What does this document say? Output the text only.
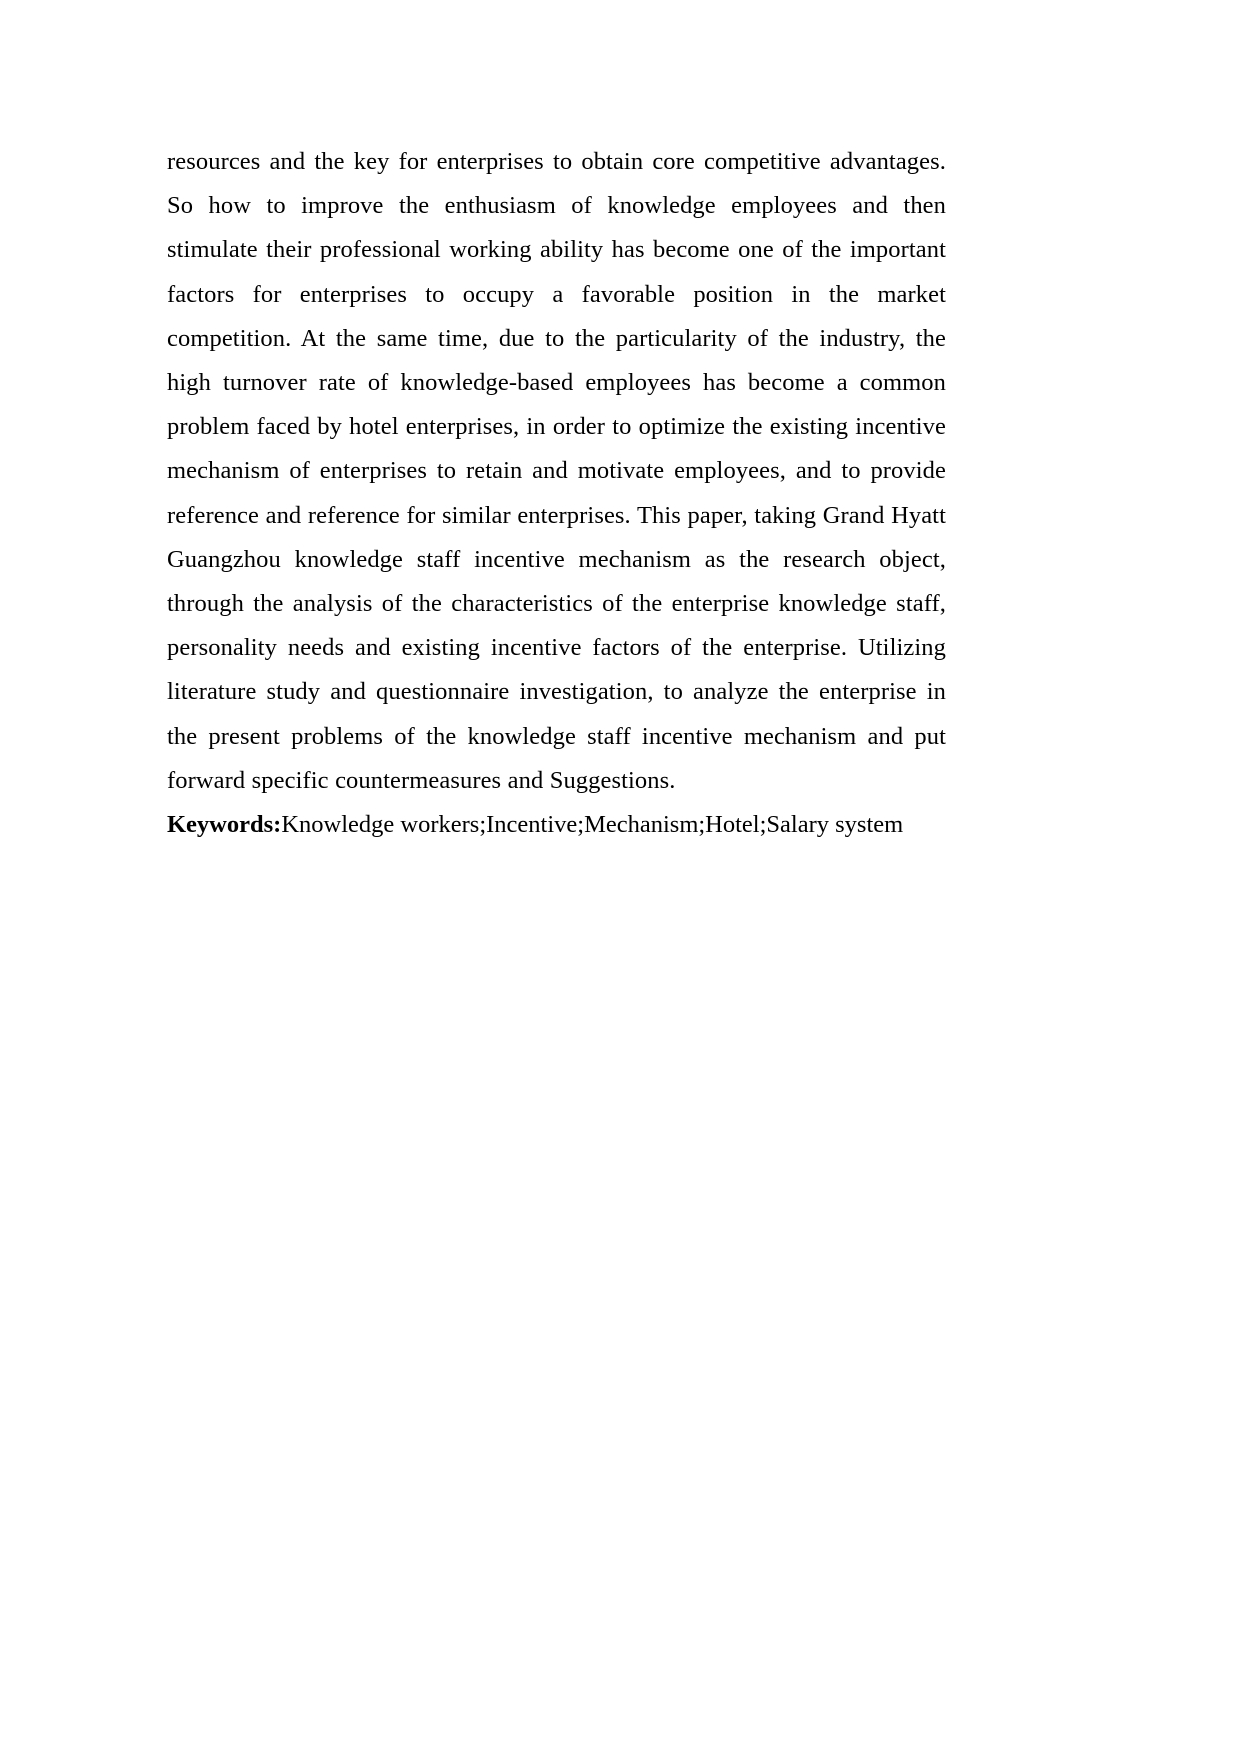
resources and the key for enterprises to obtain core competitive advantages. So how to improve the enthusiasm of knowledge employees and then stimulate their professional working ability has become one of the important factors for enterprises to occupy a favorable position in the market competition. At the same time, due to the particularity of the industry, the high turnover rate of knowledge-based employees has become a common problem faced by hotel enterprises, in order to optimize the existing incentive mechanism of enterprises to retain and motivate employees, and to provide reference and reference for similar enterprises. This paper, taking Grand Hyatt Guangzhou knowledge staff incentive mechanism as the research object, through the analysis of the characteristics of the enterprise knowledge staff, personality needs and existing incentive factors of the enterprise. Utilizing literature study and questionnaire investigation, to analyze the enterprise in the present problems of the knowledge staff incentive mechanism and put forward specific countermeasures and Suggestions.

Keywords:Knowledge workers;Incentive;Mechanism;Hotel;Salary system
